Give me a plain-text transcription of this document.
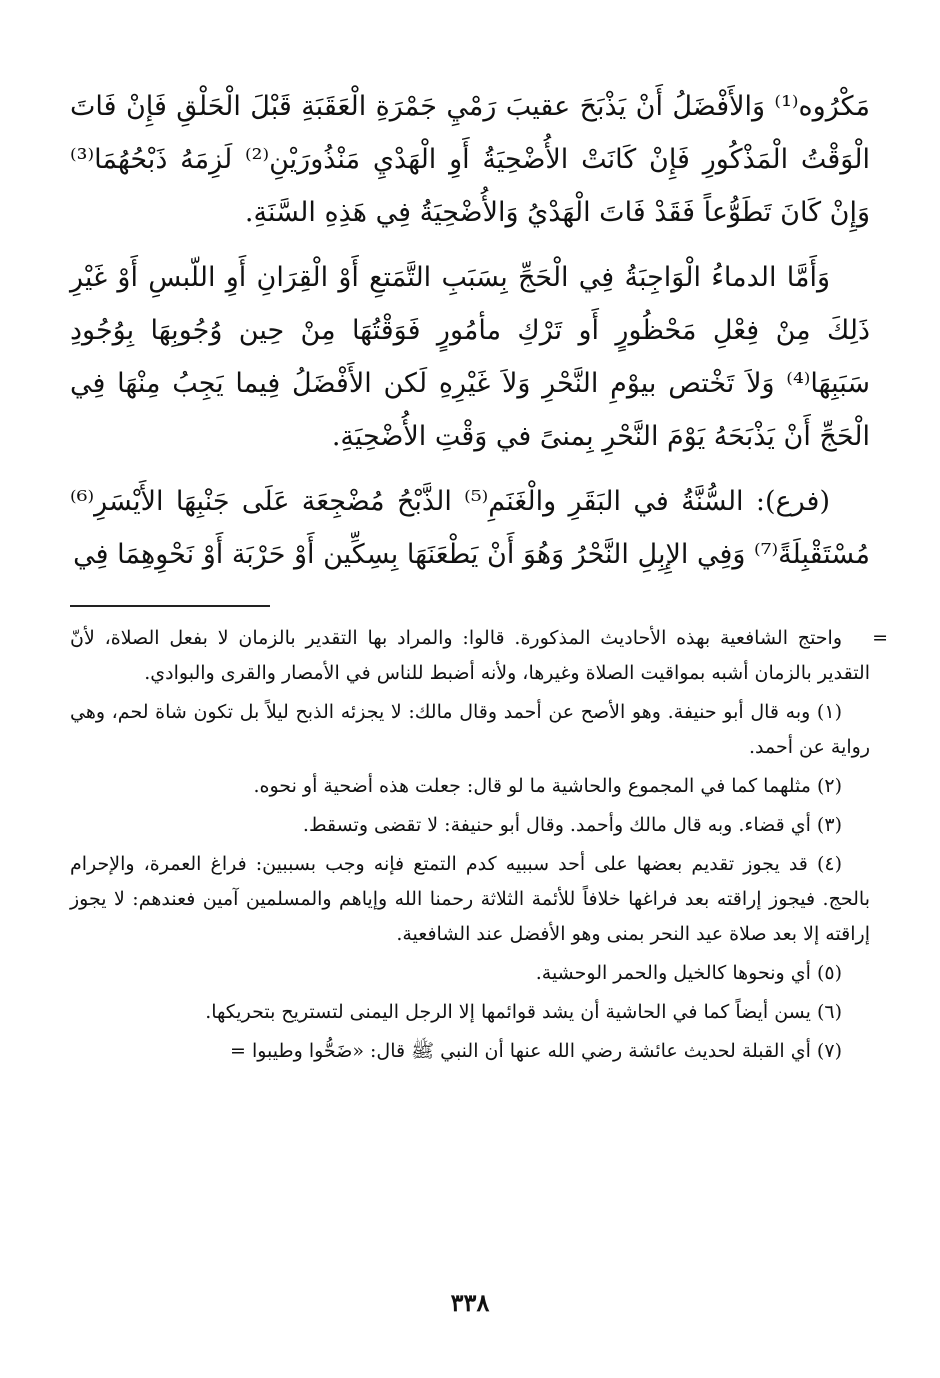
مَكْرُوه⁽¹⁾ وَالأَفْضَلُ أَنْ يَذْبَحَ عقيبَ رَمْيِ جَمْرَةِ الْعَقَبَةِ قَبْلَ الْحَلْقِ فَإِنْ فَاتَ الْوَقْتُ الْمَذْكُورِ فَإِنْ كَانَتْ الأُضْحِيَةُ أَوِ الْهَدْيِ مَنْذُورَيْنِ⁽²⁾ لَزِمَهُ ذَبْحُهُمَا⁽³⁾ وَإِنْ كَانَ تَطَوُّعاً فَقَدْ فَاتَ الْهَدْيُ وَالأُضْحِيَةُ فِي هَذِهِ السَّنَةِ.

وَأَمَّا الدماءُ الْوَاجِبَةُ فِي الْحَجِّ بِسَبَبِ التَّمَتعِ أَوْ الْقِرَانِ أَوِ اللّبسِ أَوْ غَيْرِ ذَلِكَ مِنْ فِعْلِ مَحْظُورٍ أَو تَرْكِ مأمُورٍ فَوَقْتُهَا مِنْ حِين وُجُوبِهَا بِوُجُودِ سَبَبِهَا⁽⁴⁾ وَلاَ تَخْتص بيوْمِ النَّحْرِ وَلاَ غَيْرِهِ لَكن الأَفْضَلُ فِيما يَجِبُ مِنْهَا فِي الْحَجِّ أَنْ يَذْبَحَهُ يَوْمَ النَّحْرِ بِمنىً في وَقْتِ الأُضْحِيَةِ.

(فرع): السُّنَّةُ في البَقَرِ والْغَنَمِ⁽⁵⁾ الذَّبْحُ مُضْجِعَة عَلَى جَنْبِهَا الأَيْسَرِ⁽⁶⁾ مُسْتَقْبِلَةً⁽⁷⁾ وَفِي الإِبِلِ النَّحْرُ وَهُوَ أَنْ يَطْعَنَهَا بِسِكِّين أَوْ حَرْبَة أَوْ نَحْوِهِمَا فِي

=

واحتج الشافعية بهذه الأحاديث المذكورة. قالوا: والمراد بها التقدير بالزمان لا بفعل الصلاة، لأنّ التقدير بالزمان أشبه بمواقيت الصلاة وغيرها، ولأنه أضبط للناس في الأمصار والقرى والبوادي.

(١) وبه قال أبو حنيفة. وهو الأصح عن أحمد وقال مالك: لا يجزئه الذبح ليلاً بل تكون شاة لحم، وهي رواية عن أحمد.

(٢) مثلهما كما في المجموع والحاشية ما لو قال: جعلت هذه أضحية أو نحوه.

(٣) أي قضاء. وبه قال مالك وأحمد. وقال أبو حنيفة: لا تقضى وتسقط.

(٤) قد يجوز تقديم بعضها على أحد سببيه كدم التمتع فإنه وجب بسببين: فراغ العمرة، والإحرام بالحج. فيجوز إراقته بعد فراغها خلافاً للأئمة الثلاثة رحمنا الله وإياهم والمسلمين آمين فعندهم: لا يجوز إراقته إلا بعد صلاة عيد النحر بمنى وهو الأفضل عند الشافعية.

(٥) أي ونحوها كالخيل والحمر الوحشية.

(٦) يسن أيضاً كما في الحاشية أن يشد قوائمها إلا الرجل اليمنى لتستريح بتحريكها.

(٧) أي القبلة لحديث عائشة رضي الله عنها أن النبي ﷺ قال: «ضَحُّوا وطيبوا =

٣٣٨
